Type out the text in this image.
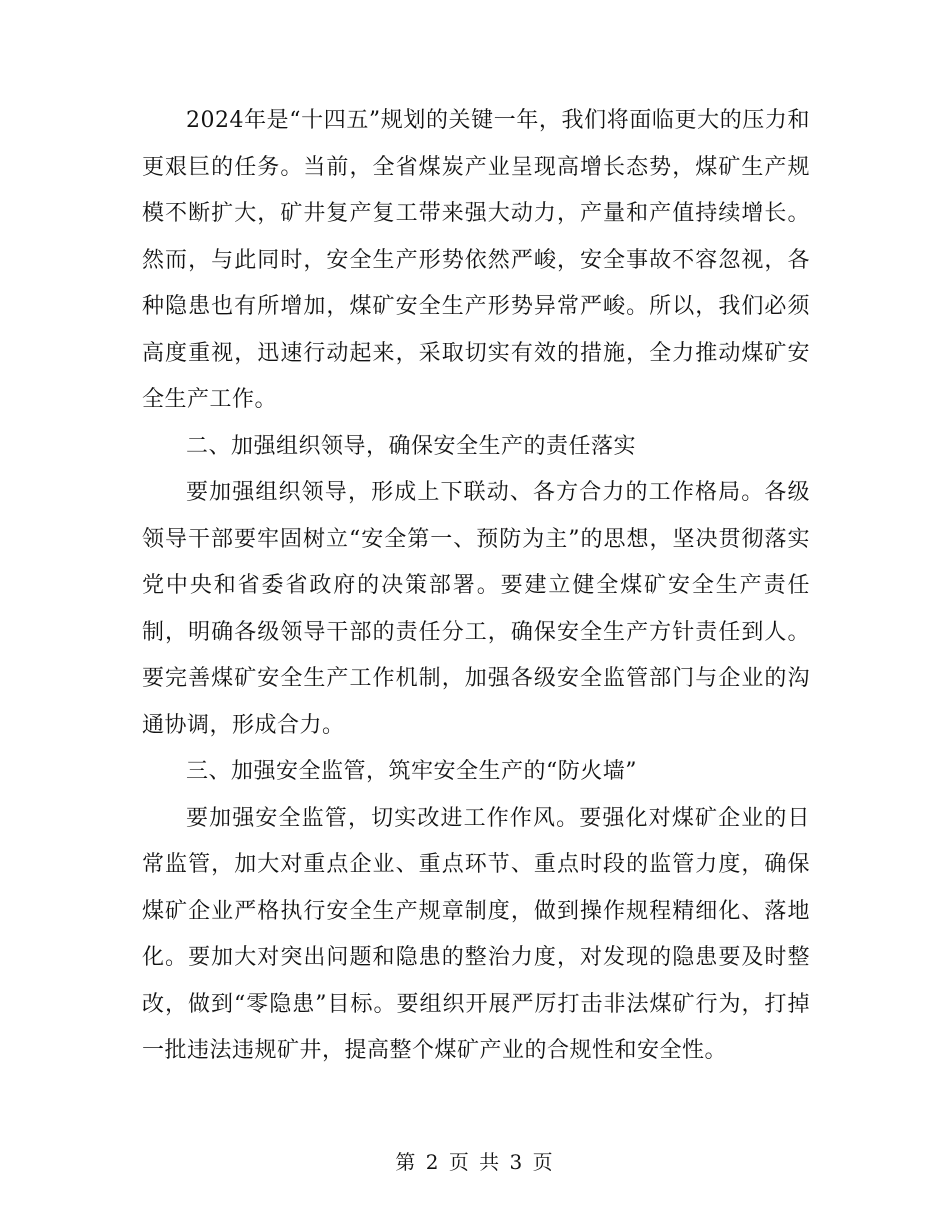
2024年是“十四五”规划的关键一年，我们将面临更大的压力和更艰巨的任务。当前，全省煤炭产业呈现高增长态势，煤矿生产规模不断扩大，矿井复产复工带来强大动力，产量和产值持续增长。然而，与此同时，安全生产形势依然严峻，安全事故不容忽视，各种隐患也有所增加，煤矿安全生产形势异常严峻。所以，我们必须高度重视，迅速行动起来，采取切实有效的措施，全力推动煤矿安全生产工作。

二、加强组织领导，确保安全生产的责任落实

要加强组织领导，形成上下联动、各方合力的工作格局。各级领导干部要牢固树立“安全第一、预防为主”的思想，坚决贯彻落实党中央和省委省政府的决策部署。要建立健全煤矿安全生产责任制，明确各级领导干部的责任分工，确保安全生产方针责任到人。要完善煤矿安全生产工作机制，加强各级安全监管部门与企业的沟通协调，形成合力。

三、加强安全监管，筑牢安全生产的“防火墙”

要加强安全监管，切实改进工作作风。要强化对煤矿企业的日常监管，加大对重点企业、重点环节、重点时段的监管力度，确保煤矿企业严格执行安全生产规章制度，做到操作规程精细化、落地化。要加大对突出问题和隐患的整治力度，对发现的隐患要及时整改，做到“零隐患”目标。要组织开展严厉打击非法煤矿行为，打掉一批违法违规矿井，提高整个煤矿产业的合规性和安全性。

第 2 页 共 3 页
